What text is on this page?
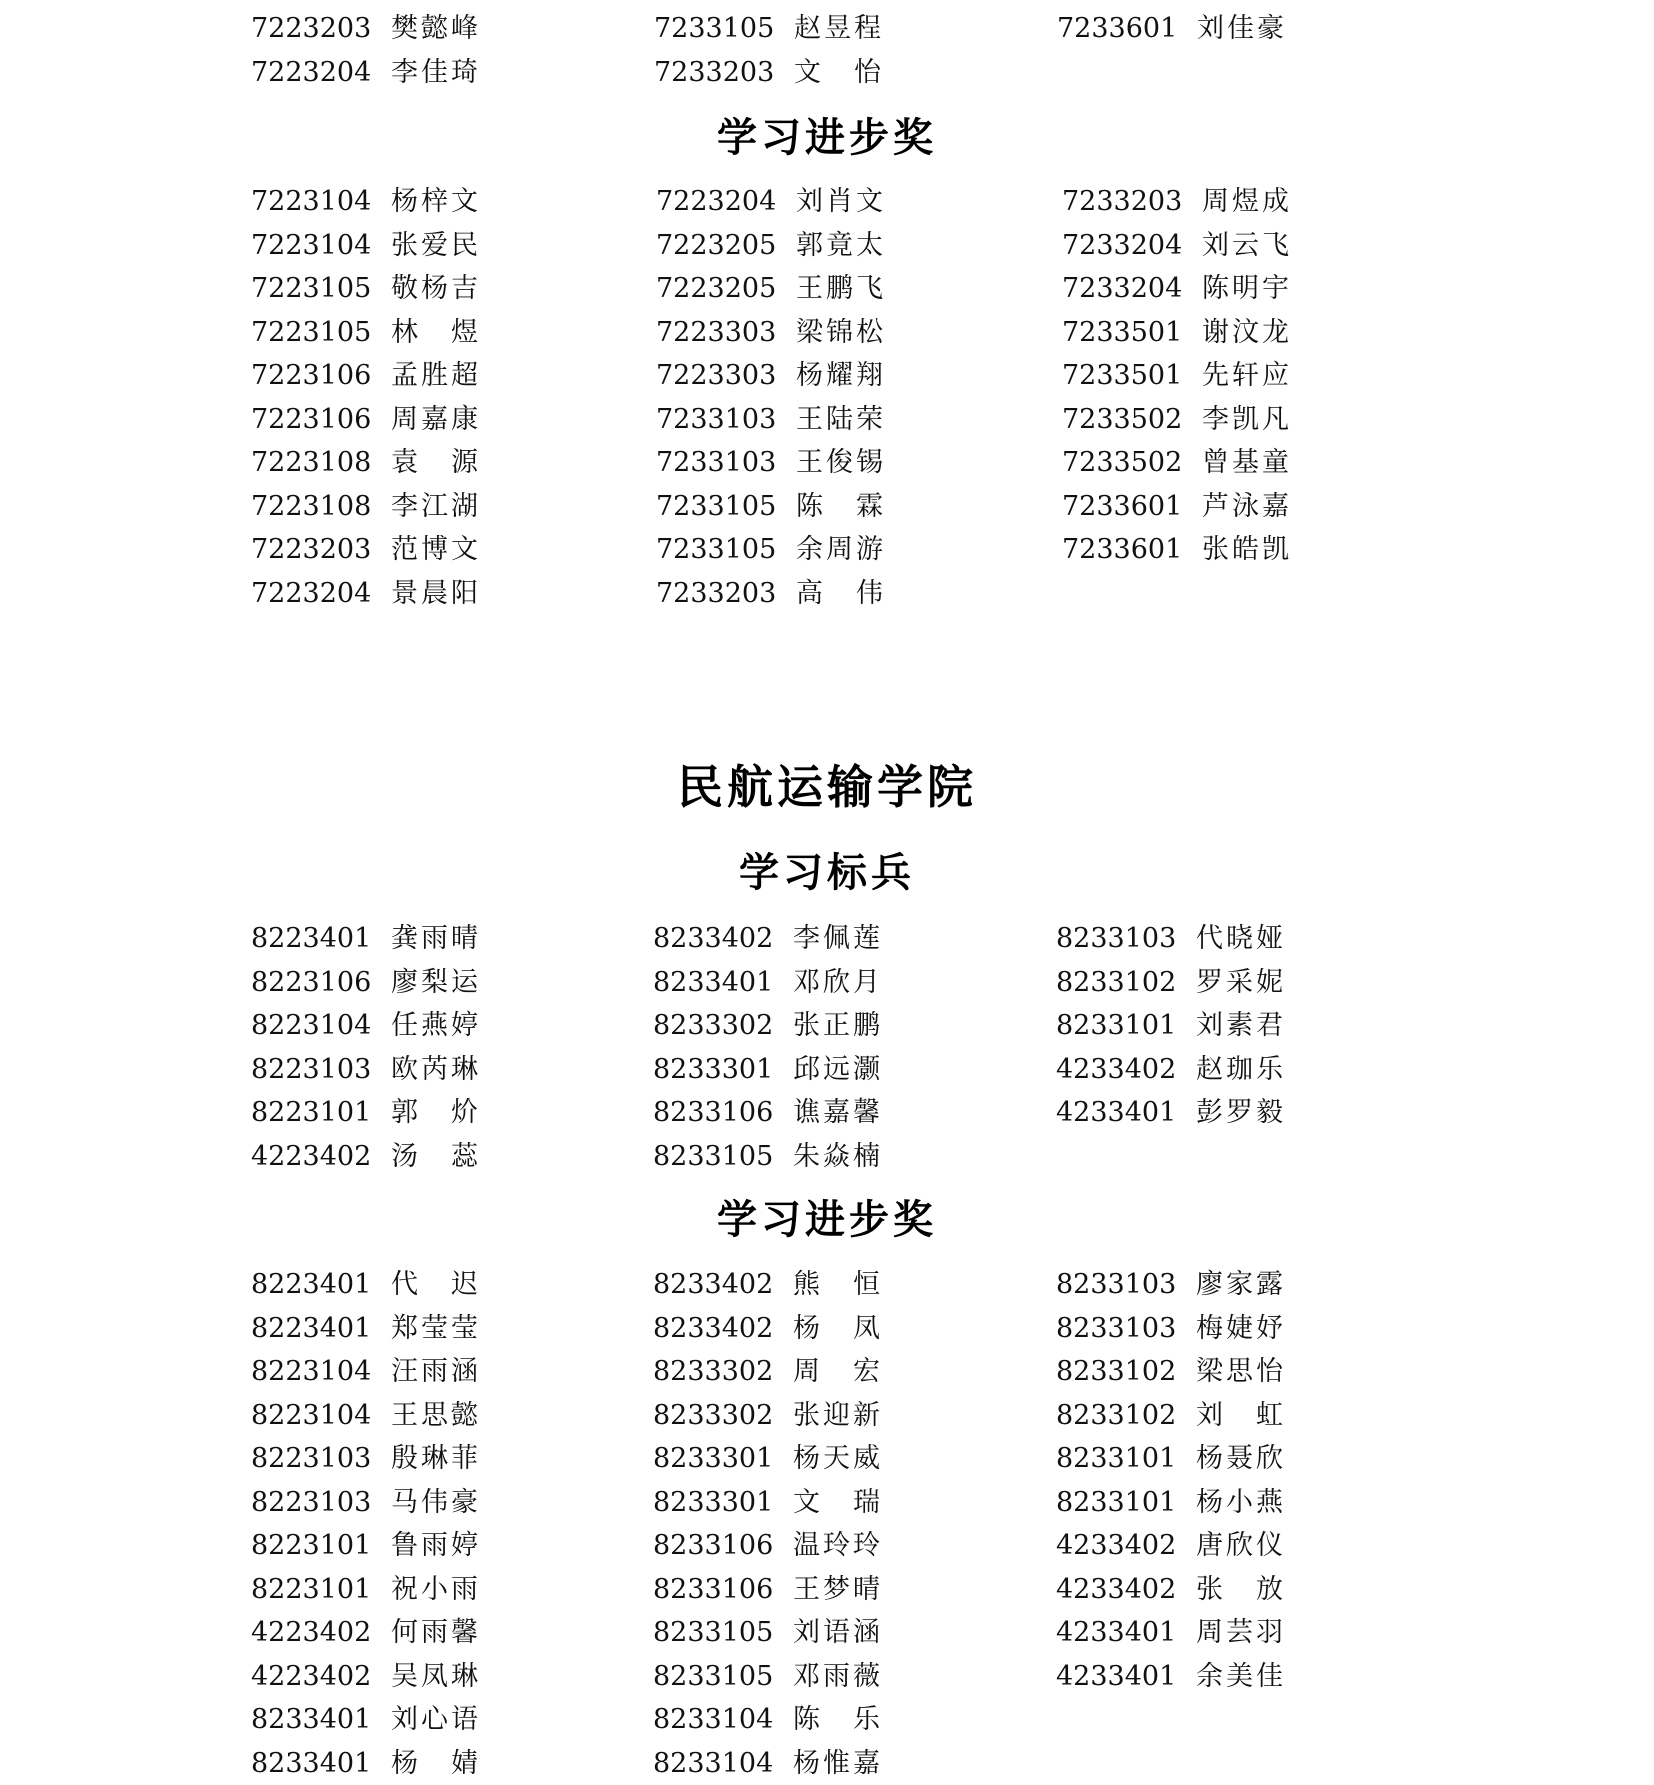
7223203 樊懿峰
7223204 李佳琦
7233105 赵昱程
7233203 文　怡
7233601 刘佳豪
学习进步奖
7223104 杨梓文
7223104 张爱民
7223105 敬杨吉
7223105 林　煜
7223106 孟胜超
7223106 周嘉康
7223108 袁　源
7223108 李江湖
7223203 范博文
7223204 景晨阳
7223204 刘肖文
7223205 郭竟太
7223205 王鹏飞
7223303 梁锦松
7223303 杨耀翔
7233103 王陆荣
7233103 王俊锡
7233105 陈　霖
7233105 余周游
7233203 高　伟
7233203 周煜成
7233204 刘云飞
7233204 陈明宇
7233501 谢汶龙
7233501 先轩应
7233502 李凯凡
7233502 曾基童
7233601 芦泳嘉
7233601 张皓凯
民航运输学院
学习标兵
8223401 龚雨晴
8223106 廖梨运
8223104 任燕婷
8223103 欧芮琳
8223101 郭　炌
4223402 汤　蕊
8233402 李佩莲
8233401 邓欣月
8233302 张正鹏
8233301 邱远灏
8233106 谯嘉馨
8233105 朱焱楠
8233103 代晓娅
8233102 罗采妮
8233101 刘素君
4233402 赵珈乐
4233401 彭罗毅
学习进步奖
8223401 代　迟
8223401 郑莹莹
8223104 汪雨涵
8223104 王思懿
8223103 殷琳菲
8223103 马伟豪
8223101 鲁雨婷
8223101 祝小雨
4223402 何雨馨
4223402 吴凤琳
8233401 刘心语
8233401 杨　婧
8233402 熊　恒
8233402 杨　凤
8233302 周　宏
8233302 张迎新
8233301 杨天威
8233301 文　瑞
8233106 温玲玲
8233106 王梦晴
8233105 刘语涵
8233105 邓雨薇
8233104 陈　乐
8233104 杨惟嘉
8233103 廖家露
8233103 梅婕妤
8233102 梁思怡
8233102 刘　虹
8233101 杨聂欣
8233101 杨小燕
4233402 唐欣仪
4233402 张　放
4233401 周芸羽
4233401 余美佳
